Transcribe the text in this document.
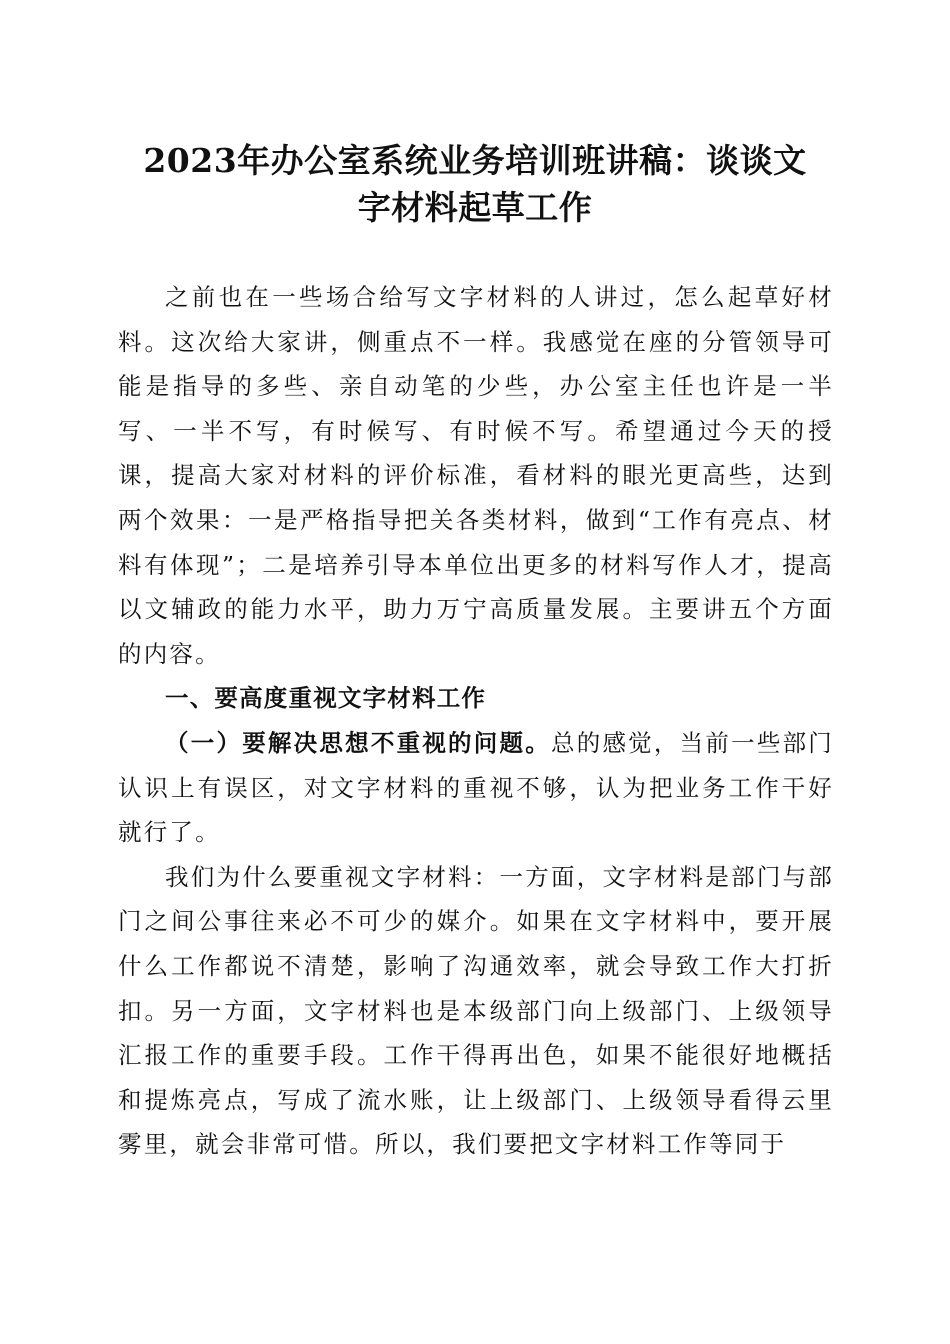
2023年办公室系统业务培训班讲稿：谈谈文
字材料起草工作

之前也在一些场合给写文字材料的人讲过，怎么起草好材料。这次给大家讲，侧重点不一样。我感觉在座的分管领导可能是指导的多些、亲自动笔的少些，办公室主任也许是一半写、一半不写，有时候写、有时候不写。希望通过今天的授课，提高大家对材料的评价标准，看材料的眼光更高些，达到两个效果：一是严格指导把关各类材料，做到“工作有亮点、材料有体现”；二是培养引导本单位出更多的材料写作人才，提高以文辅政的能力水平，助力万宁高质量发展。主要讲五个方面的内容。

一、要高度重视文字材料工作

（一）要解决思想不重视的问题。总的感觉，当前一些部门认识上有误区，对文字材料的重视不够，认为把业务工作干好就行了。

我们为什么要重视文字材料：一方面，文字材料是部门与部门之间公事往来必不可少的媒介。如果在文字材料中，要开展什么工作都说不清楚，影响了沟通效率，就会导致工作大打折扣。另一方面，文字材料也是本级部门向上级部门、上级领导汇报工作的重要手段。工作干得再出色，如果不能很好地概括和提炼亮点，写成了流水账，让上级部门、上级领导看得云里雾里，就会非常可惜。所以，我们要把文字材料工作等同于
